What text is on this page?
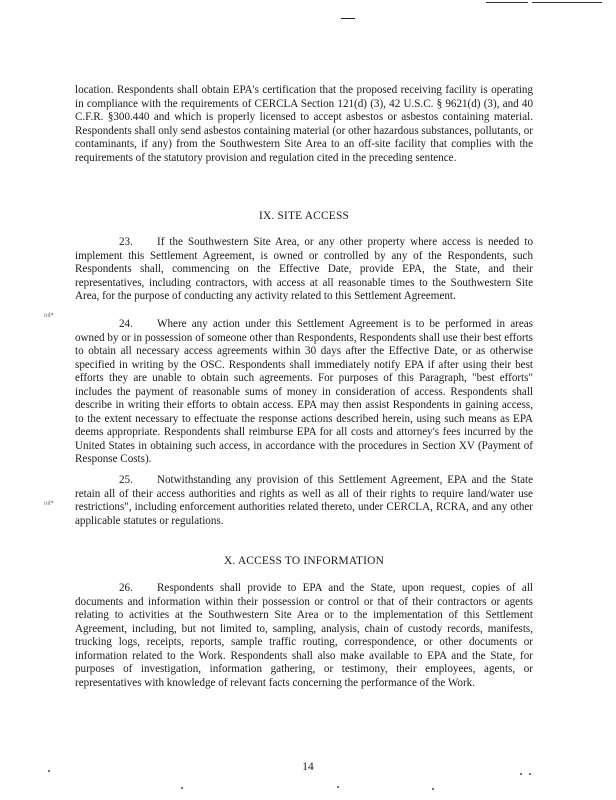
location. Respondents shall obtain EPA's certification that the proposed receiving facility is operating in compliance with the requirements of CERCLA Section 121(d) (3), 42 U.S.C. § 9621(d) (3), and 40 C.F.R. §300.440 and which is properly licensed to accept asbestos or asbestos containing material. Respondents shall only send asbestos containing material (or other hazardous substances, pollutants, or contaminants, if any) from the Southwestern Site Area to an off-site facility that complies with the requirements of the statutory provision and regulation cited in the preceding sentence.

IX. SITE ACCESS

23. If the Southwestern Site Area, or any other property where access is needed to implement this Settlement Agreement, is owned or controlled by any of the Respondents, such Respondents shall, commencing on the Effective Date, provide EPA, the State, and their representatives, including contractors, with access at all reasonable times to the Southwestern Site Area, for the purpose of conducting any activity related to this Settlement Agreement.

ıııl*

24. Where any action under this Settlement Agreement is to be performed in areas owned by or in possession of someone other than Respondents, Respondents shall use their best efforts to obtain all necessary access agreements within 30 days after the Effective Date, or as otherwise specified in writing by the OSC. Respondents shall immediately notify EPA if after using their best efforts they are unable to obtain such agreements. For purposes of this Paragraph, "best efforts" includes the payment of reasonable sums of money in consideration of access. Respondents shall describe in writing their efforts to obtain access. EPA may then assist Respondents in gaining access, to the extent necessary to effectuate the response actions described herein, using such means as EPA deems appropriate. Respondents shall reimburse EPA for all costs and attorney's fees incurred by the United States in obtaining such access, in accordance with the procedures in Section XV (Payment of Response Costs).

25. Notwithstanding any provision of this Settlement Agreement, EPA and the State retain all of their access authorities and rights as well as all of their rights to require land/water use restrictions", including enforcement authorities related thereto, under CERCLA, RCRA, and any other applicable statutes or regulations.

ıııl*
X. ACCESS TO INFORMATION

26. Respondents shall provide to EPA and the State, upon request, copies of all documents and information within their possession or control or that of their contractors or agents relating to activities at the Southwestern Site Area or to the implementation of this Settlement Agreement, including, but not limited to, sampling, analysis, chain of custody records, manifests, trucking logs, receipts, reports, sample traffic routing, correspondence, or other documents or information related to the Work. Respondents shall also make available to EPA and the State, for purposes of investigation, information gathering, or testimony, their employees, agents, or representatives with knowledge of relevant facts concerning the performance of the Work.

14
